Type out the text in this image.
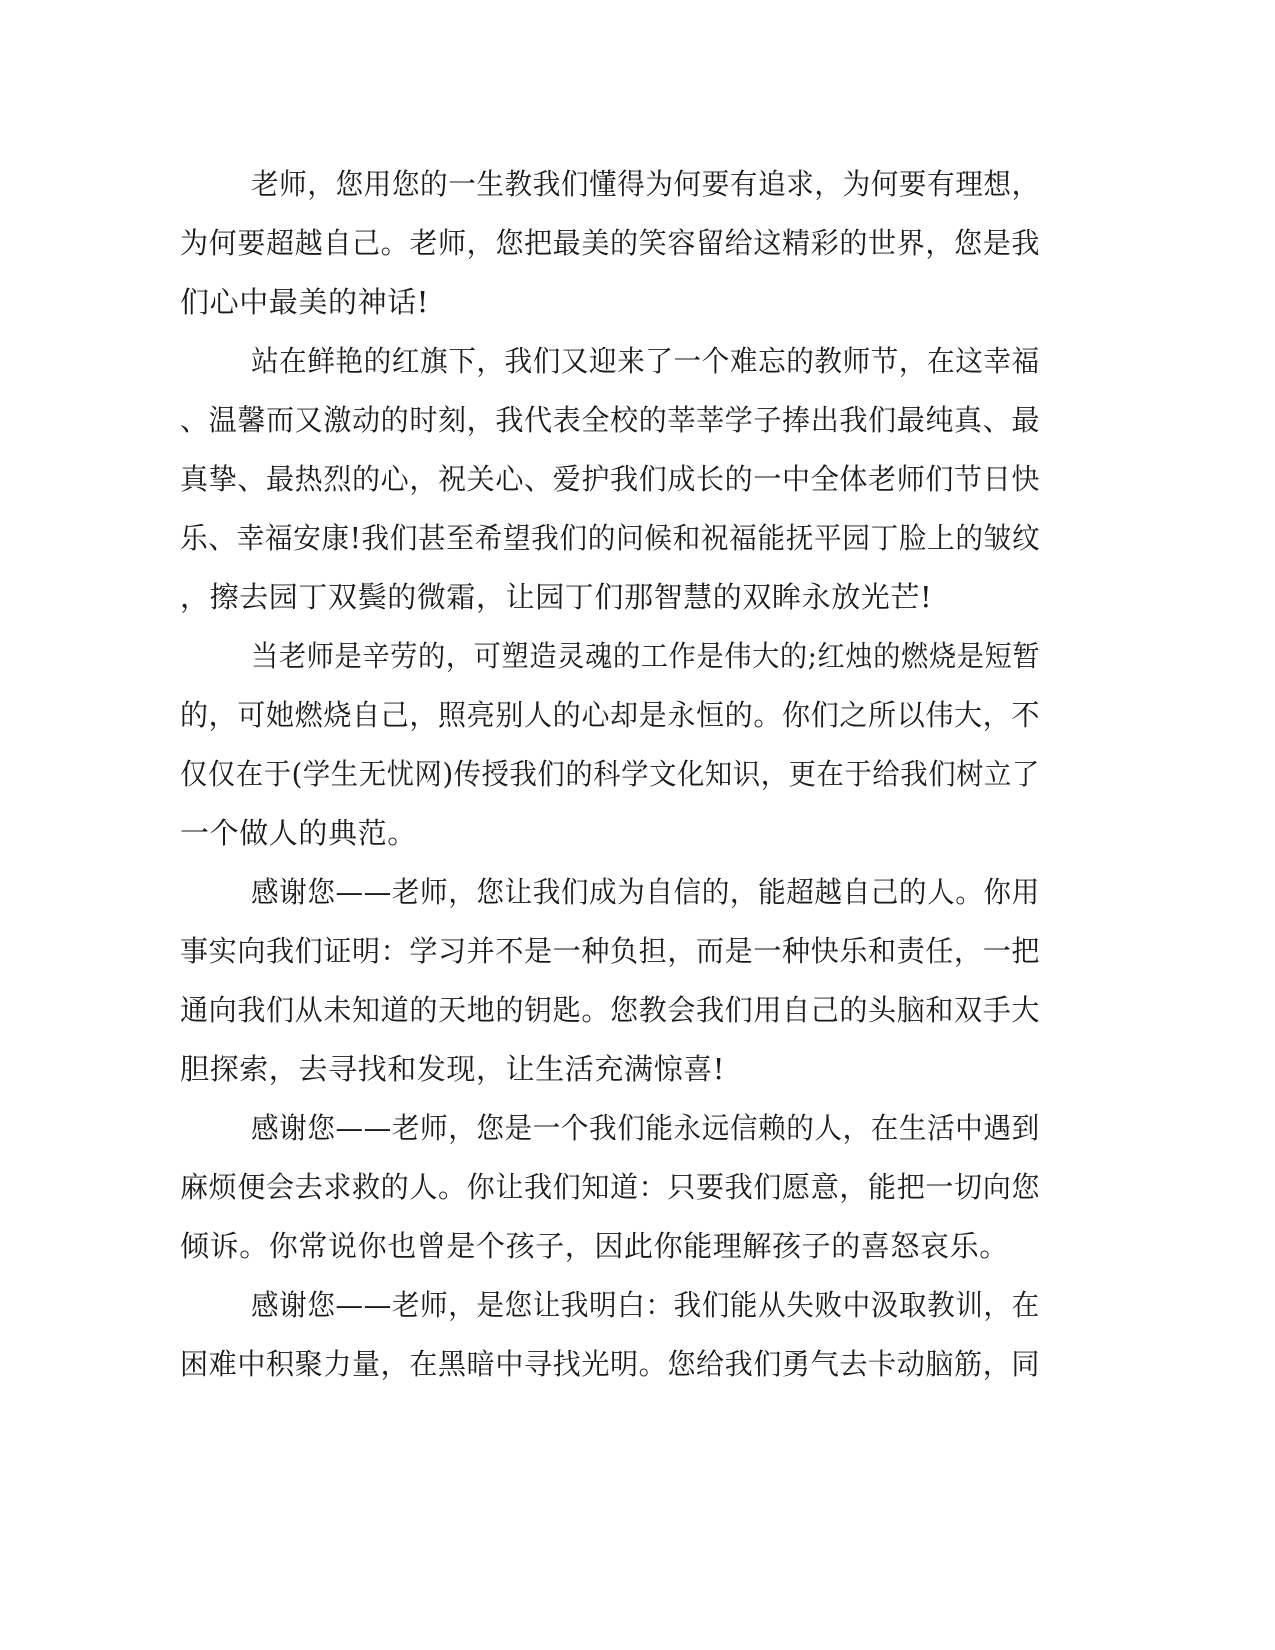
老师，您用您的一生教我们懂得为何要有追求，为何要有理想，
为何要超越自己。老师，您把最美的笑容留给这精彩的世界，您是我
们心中最美的神话!
站在鲜艳的红旗下，我们又迎来了一个难忘的教师节，在这幸福
、温馨而又激动的时刻，我代表全校的莘莘学子捧出我们最纯真、最
真挚、最热烈的心，祝关心、爱护我们成长的一中全体老师们节日快
乐、幸福安康!我们甚至希望我们的问候和祝福能抚平园丁脸上的皱纹
，擦去园丁双鬓的微霜，让园丁们那智慧的双眸永放光芒!
当老师是辛劳的，可塑造灵魂的工作是伟大的;红烛的燃烧是短暂
的，可她燃烧自己，照亮别人的心却是永恒的。你们之所以伟大，不
仅仅在于(学生无忧网)传授我们的科学文化知识，更在于给我们树立了
一个做人的典范。
感谢您——老师，您让我们成为自信的，能超越自己的人。你用
事实向我们证明：学习并不是一种负担，而是一种快乐和责任，一把
通向我们从未知道的天地的钥匙。您教会我们用自己的头脑和双手大
胆探索，去寻找和发现，让生活充满惊喜!
感谢您——老师，您是一个我们能永远信赖的人，在生活中遇到
麻烦便会去求救的人。你让我们知道：只要我们愿意，能把一切向您
倾诉。你常说你也曾是个孩子，因此你能理解孩子的喜怒哀乐。
感谢您——老师，是您让我明白：我们能从失败中汲取教训，在
困难中积聚力量，在黑暗中寻找光明。您给我们勇气去卡动脑筋，同
